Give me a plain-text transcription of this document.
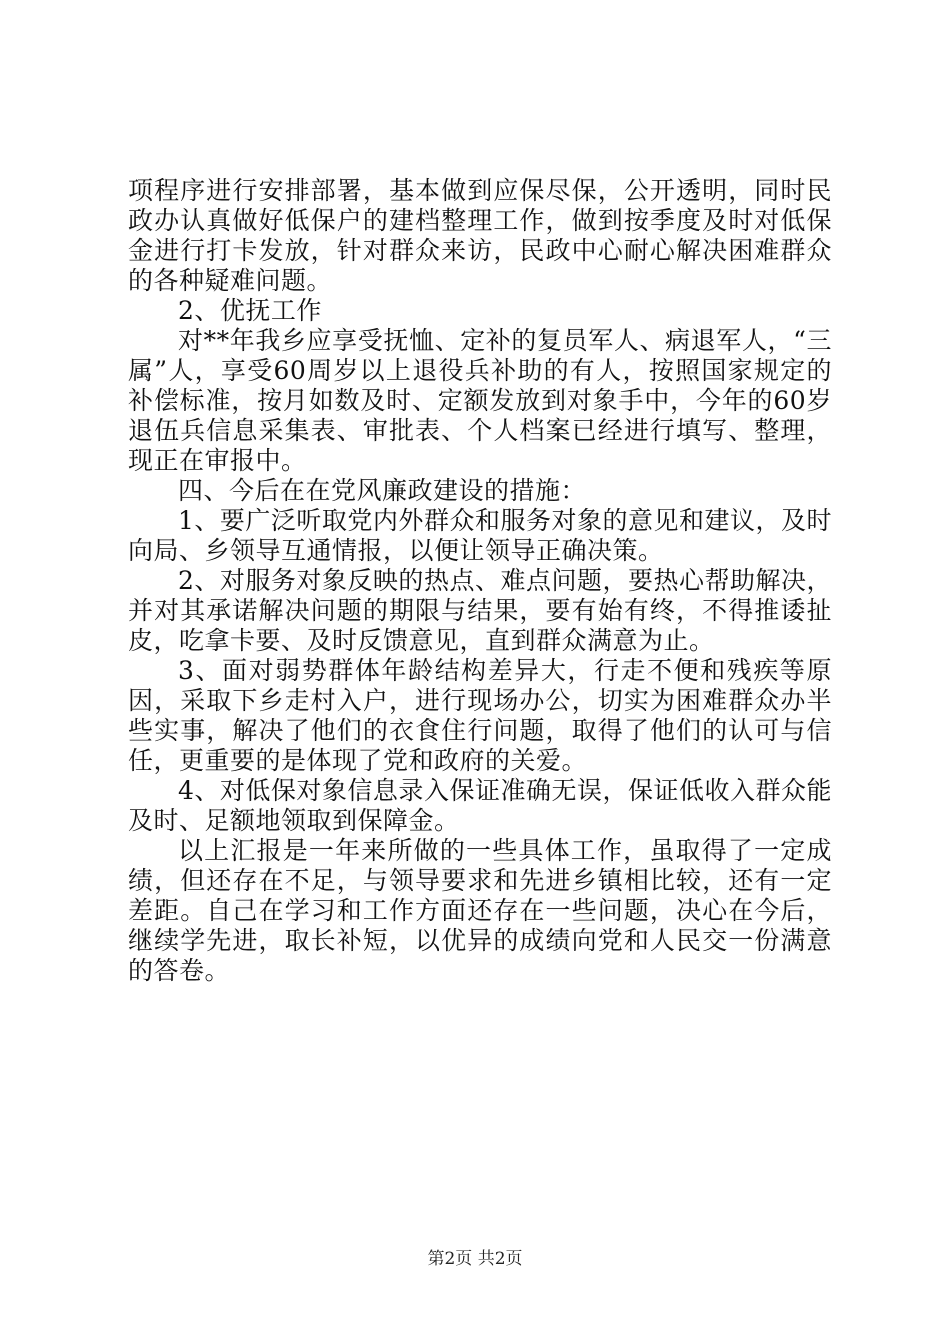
项程序进行安排部署，基本做到应保尽保，公开透明，同时民政办认真做好低保户的建档整理工作，做到按季度及时对低保金进行打卡发放，针对群众来访，民政中心耐心解决困难群众的各种疑难问题。

2、优抚工作

对**年我乡应享受抚恤、定补的复员军人、病退军人，“三属”人，享受60周岁以上退役兵补助的有人，按照国家规定的补偿标准，按月如数及时、定额发放到对象手中，今年的60岁退伍兵信息采集表、审批表、个人档案已经进行填写、整理，现正在审报中。

四、今后在在党风廉政建设的措施：

1、要广泛听取党内外群众和服务对象的意见和建议，及时向局、乡领导互通情报，以便让领导正确决策。

2、对服务对象反映的热点、难点问题，要热心帮助解决，并对其承诺解决问题的期限与结果，要有始有终，不得推诿扯皮，吃拿卡要、及时反馈意见，直到群众满意为止。

3、面对弱势群体年龄结构差异大，行走不便和残疾等原因，采取下乡走村入户，进行现场办公，切实为困难群众办半些实事，解决了他们的衣食住行问题，取得了他们的认可与信任，更重要的是体现了党和政府的关爱。

4、对低保对象信息录入保证准确无误，保证低收入群众能及时、足额地领取到保障金。

以上汇报是一年来所做的一些具体工作，虽取得了一定成绩，但还存在不足，与领导要求和先进乡镇相比较，还有一定差距。自己在学习和工作方面还存在一些问题，决心在今后，继续学先进，取长补短，以优异的成绩向党和人民交一份满意的答卷。

第2页 共2页
